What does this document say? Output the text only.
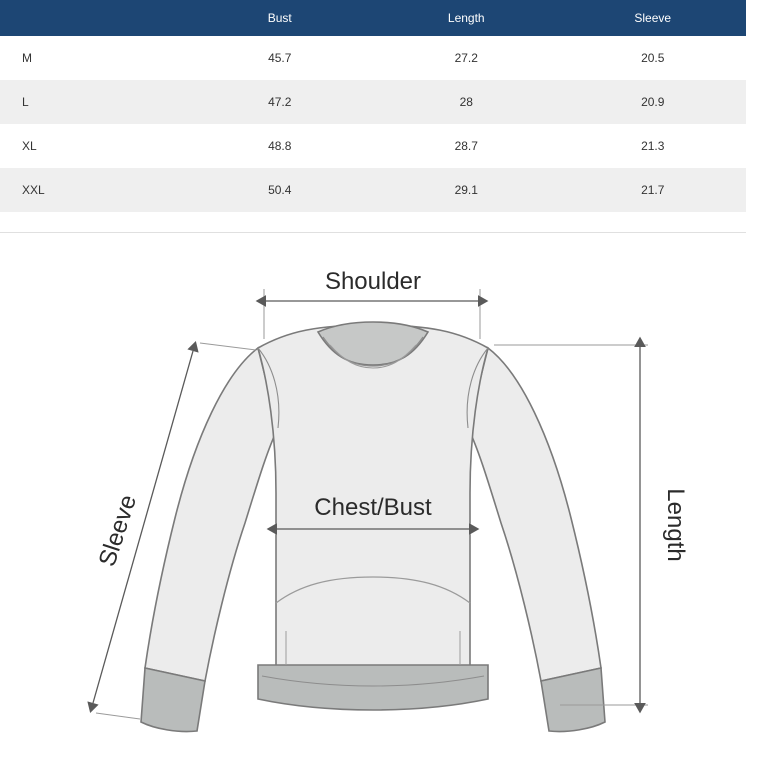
	Bust	Length	Sleeve
M	45.7	27.2	20.5
L	47.2	28	20.9
XL	48.8	28.7	21.3
XXL	50.4	29.1	21.7
Shoulder
Chest/Bust
Sleeve	Length
